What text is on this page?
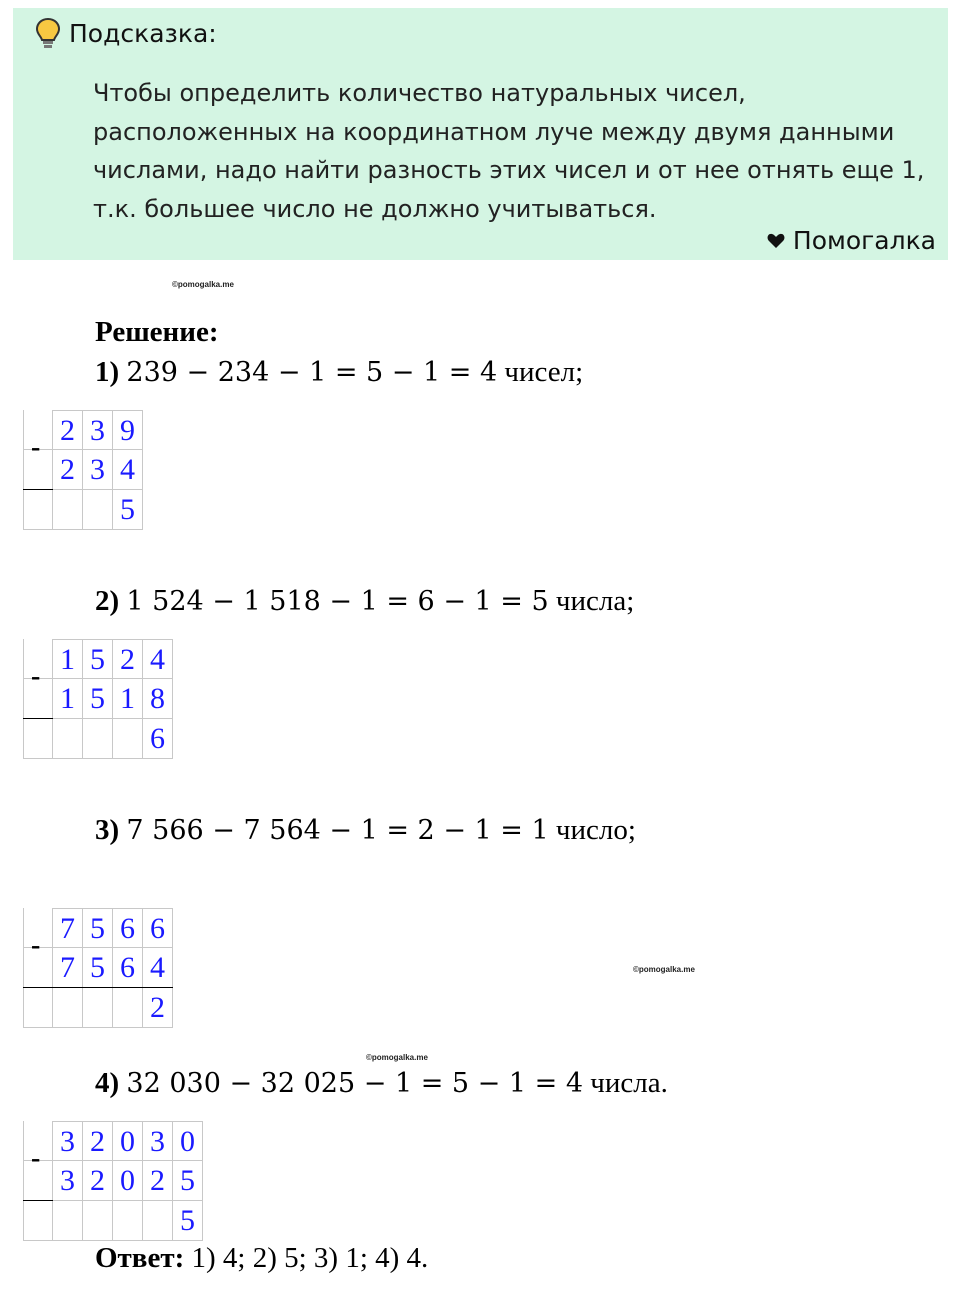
Подсказка:
Чтобы определить количество натуральных чисел,
расположенных на координатном луче между двумя данными
числами, надо найти разность этих чисел и от нее отнять еще 1,
т.к. большее число не должно учитываться.
Помогалка
©pomogalka.me
Решение:
1) 239 − 234 − 1 = 5 − 1 = 4 чисел;
2 3 9
2 3 4
5
-
2) 1 524 − 1 518 − 1 = 6 − 1 = 5 числа;
1 5 2 4
1 5 1 8
6
-
3) 7 566 − 7 564 − 1 = 2 − 1 = 1 число;
7 5 6 6
7 5 6 4
2
-
©pomogalka.me
©pomogalka.me
4) 32 030 − 32 025 − 1 = 5 − 1 = 4 числа.
3 2 0 3 0
3 2 0 2 5
5
-
Ответ: 1) 4; 2) 5; 3) 1; 4) 4.
